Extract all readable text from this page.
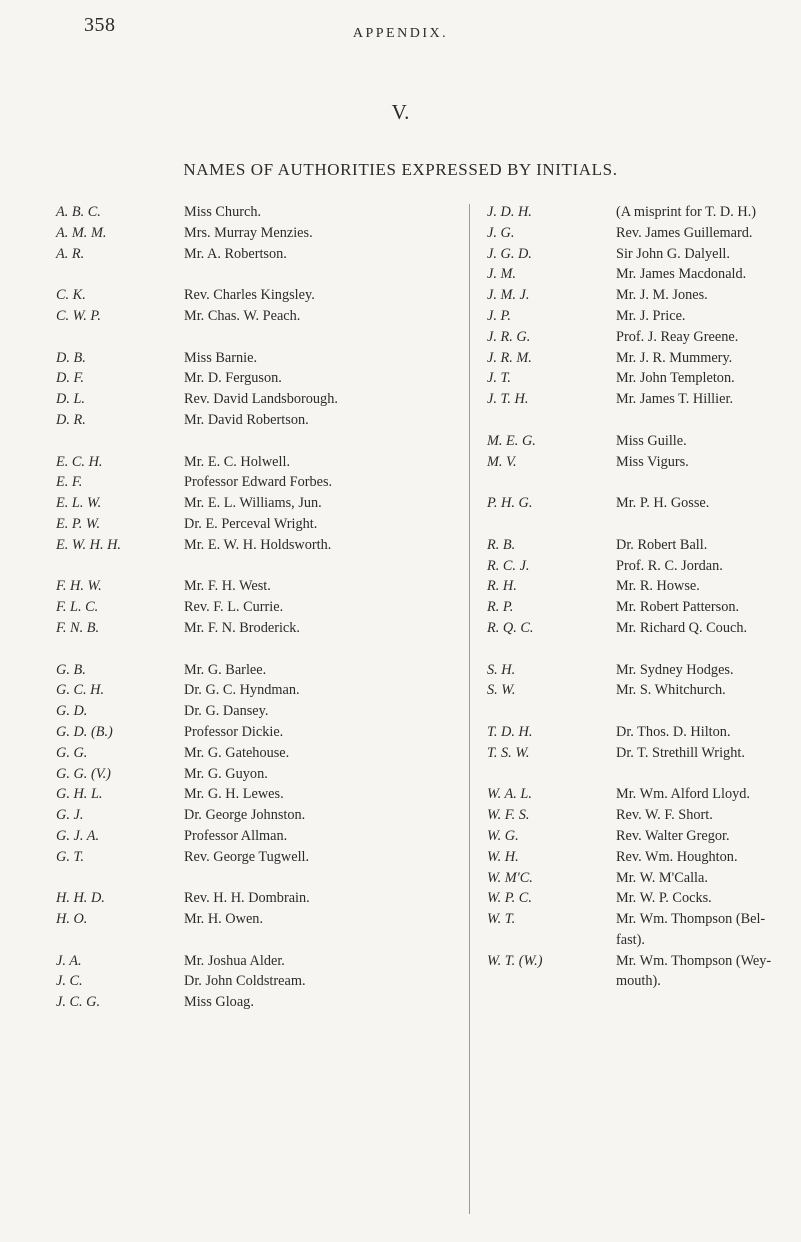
358	APPENDIX.
V.
NAMES OF AUTHORITIES EXPRESSED BY INITIALS.
A. B. C.	Miss Church.
A. M. M.	Mrs. Murray Menzies.
A. R.	Mr. A. Robertson.
C. K.	Rev. Charles Kingsley.
C. W. P.	Mr. Chas. W. Peach.
D. B.	Miss Barnie.
D. F.	Mr. D. Ferguson.
D. L.	Rev. David Landsborough.
D. R.	Mr. David Robertson.
E. C. H.	Mr. E. C. Holwell.
E. F.	Professor Edward Forbes.
E. L. W.	Mr. E. L. Williams, Jun.
E. P. W.	Dr. E. Perceval Wright.
E. W. H. H.	Mr. E. W. H. Holdsworth.
F. H. W.	Mr. F. H. West.
F. L. C.	Rev. F. L. Currie.
F. N. B.	Mr. F. N. Broderick.
G. B.	Mr. G. Barlee.
G. C. H.	Dr. G. C. Hyndman.
G. D.	Dr. G. Dansey.
G. D. (B.)	Professor Dickie.
G. G.	Mr. G. Gatehouse.
G. G. (V.)	Mr. G. Guyon.
G. H. L.	Mr. G. H. Lewes.
G. J.	Dr. George Johnston.
G. J. A.	Professor Allman.
G. T.	Rev. George Tugwell.
H. H. D.	Rev. H. H. Dombrain.
H. O.	Mr. H. Owen.
J. A.	Mr. Joshua Alder.
J. C.	Dr. John Coldstream.
J. C. G.	Miss Gloag.
J. D. H.	(A misprint for T. D. H.)
J. G.	Rev. James Guillemard.
J. G. D.	Sir John G. Dalyell.
J. M.	Mr. James Macdonald.
J. M. J.	Mr. J. M. Jones.
J. P.	Mr. J. Price.
J. R. G.	Prof. J. Reay Greene.
J. R. M.	Mr. J. R. Mummery.
J. T.	Mr. John Templeton.
J. T. H.	Mr. James T. Hillier.
M. E. G.	Miss Guille.
M. V.	Miss Vigurs.
P. H. G.	Mr. P. H. Gosse.
R. B.	Dr. Robert Ball.
R. C. J.	Prof. R. C. Jordan.
R. H.	Mr. R. Howse.
R. P.	Mr. Robert Patterson.
R. Q. C.	Mr. Richard Q. Couch.
S. H.	Mr. Sydney Hodges.
S. W.	Mr. S. Whitchurch.
T. D. H.	Dr. Thos. D. Hilton.
T. S. W.	Dr. T. Strethill Wright.
W. A. L.	Mr. Wm. Alford Lloyd.
W. F. S.	Rev. W. F. Short.
W. G.	Rev. Walter Gregor.
W. H.	Rev. Wm. Houghton.
W. M'C.	Mr. W. M'Calla.
W. P. C.	Mr. W. P. Cocks.
W. T.	Mr. Wm. Thompson (Bel-
fast).
W. T. (W.)	Mr. Wm. Thompson (Wey-
mouth).
